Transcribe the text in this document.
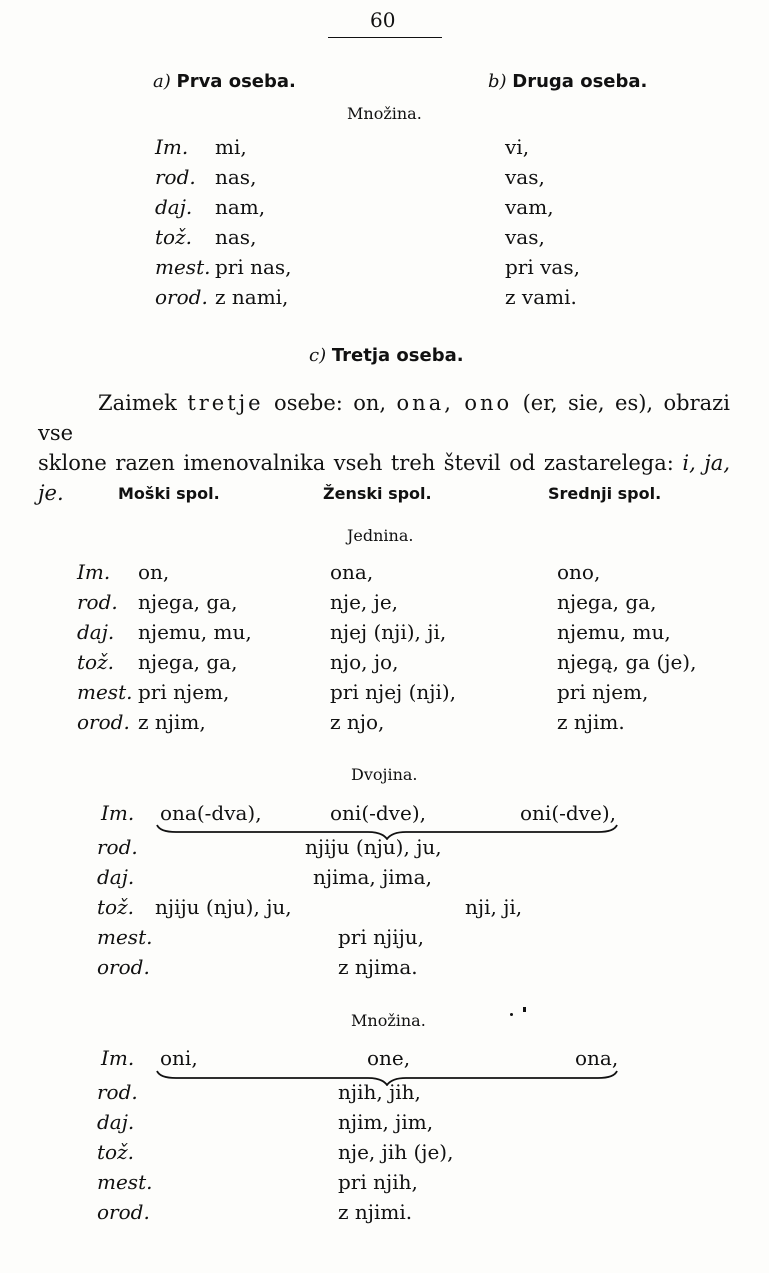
60
a) Prva oseba.	b) Druga oseba.
Množina.
Im. mi,	vi,
rod. nas,	vas,
daj. nam,	vam,
tož. nas,	vas,
mest. pri nas,	pri vas,
orod. z nami,	z vami.
c) Tretja oseba.
Zaimek tretje osebe: on, ona, ono (er, sie, es), obrazi vse
sklone razen imenovalnika vseh treh števil od zastarelega: i, ja, je.	Moški spol.	Ženski spol.	Srednji spol.
Jednina.
Im. on,	ona,	ono,
rod. njega, ga,	nje, je,	njega, ga,
daj. njemu, mu,	njej (nji), ji,	njemu, mu,
tož. njega, ga,	njo, jo,	njegą, ga (je),
mest. pri njem,	pri njej (nji),	pri njem,
orod. z njim,	z njo,	z njim.
Dvojina.
Im. ona(-dva),	oni(-dve),	oni(-dve),
rod.	njiju (nju), ju,
daj.	njima, jima,
tož. njiju (nju), ju,	nji, ji,
mest.	pri njiju,
orod.	z njima.
Množina.
Im. oni,	one,	ona,
rod.	njih, jih,
daj.	njim, jim,
tož.	nje, jih (je),
mest.	pri njih,
orod.	z njimi.
